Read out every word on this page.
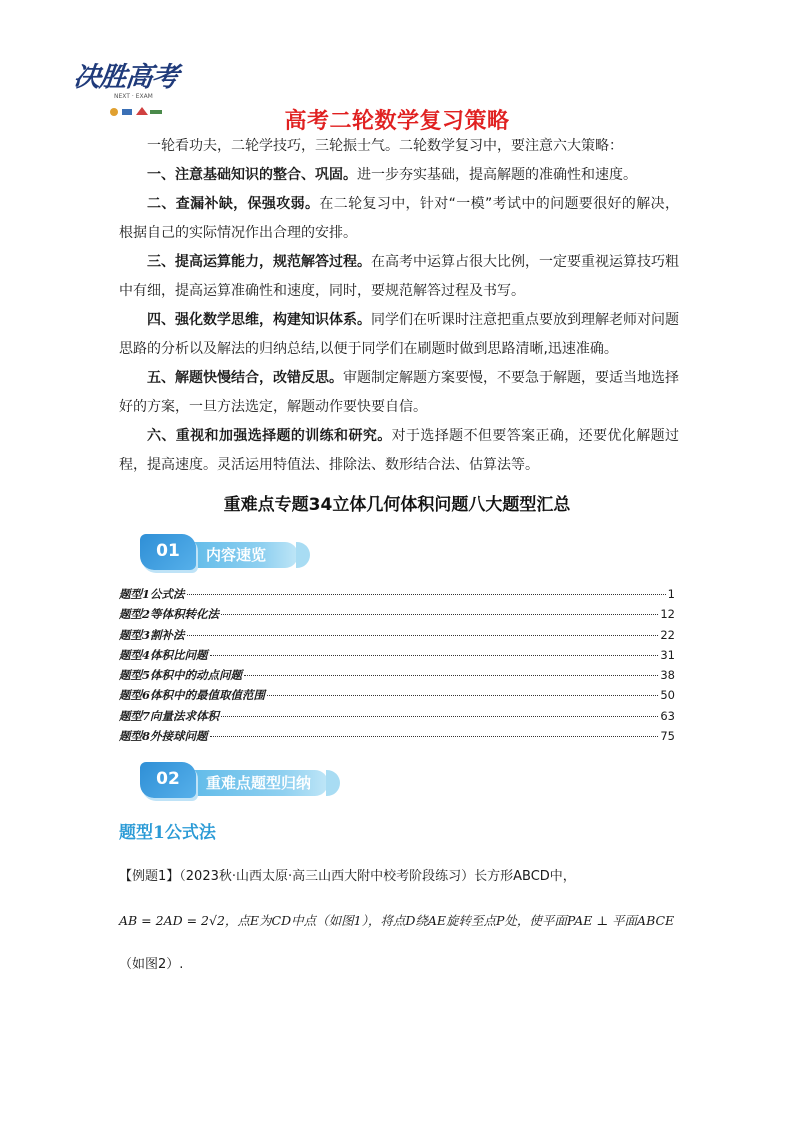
决胜高考
NEXT · EXAM
高考二轮数学复习策略

一轮看功夫，二轮学技巧，三轮振士气。二轮数学复习中，要注意六大策略：

一、注意基础知识的整合、巩固。进一步夯实基础，提高解题的准确性和速度。

二、查漏补缺，保强攻弱。在二轮复习中，针对“一模”考试中的问题要很好的解决，根据自己的实际情况作出合理的安排。

三、提高运算能力，规范解答过程。在高考中运算占很大比例，一定要重视运算技巧粗中有细，提高运算准确性和速度，同时，要规范解答过程及书写。

四、强化数学思维，构建知识体系。同学们在听课时注意把重点要放到理解老师对问题思路的分析以及解法的归纳总结,以便于同学们在刷题时做到思路清晰,迅速准确。

五、解题快慢结合，改错反思。审题制定解题方案要慢，不要急于解题，要适当地选择好的方案，一旦方法选定，解题动作要快要自信。

六、重视和加强选择题的训练和研究。对于选择题不但要答案正确，还要优化解题过程，提高速度。灵活运用特值法、排除法、数形结合法、估算法等。

重难点专题34立体几何体积问题八大题型汇总
01	内容速览
题型1公式法	1
题型2等体积转化法	12
题型3割补法	22
题型4体积比问题	31
题型5体积中的动点问题	38
题型6体积中的最值取值范围	50
题型7向量法求体积	63
题型8外接球问题	75
02	重难点题型归纳
题型1公式法

【例题1】（2023秋·山西太原·高三山西大附中校考阶段练习）长方形ABCD中，

AB = 2AD = 2√2，点E为CD中点（如图1），将点D绕AE旋转至点P处，使平面PAE ⊥ 平面ABCE

（如图2）.
